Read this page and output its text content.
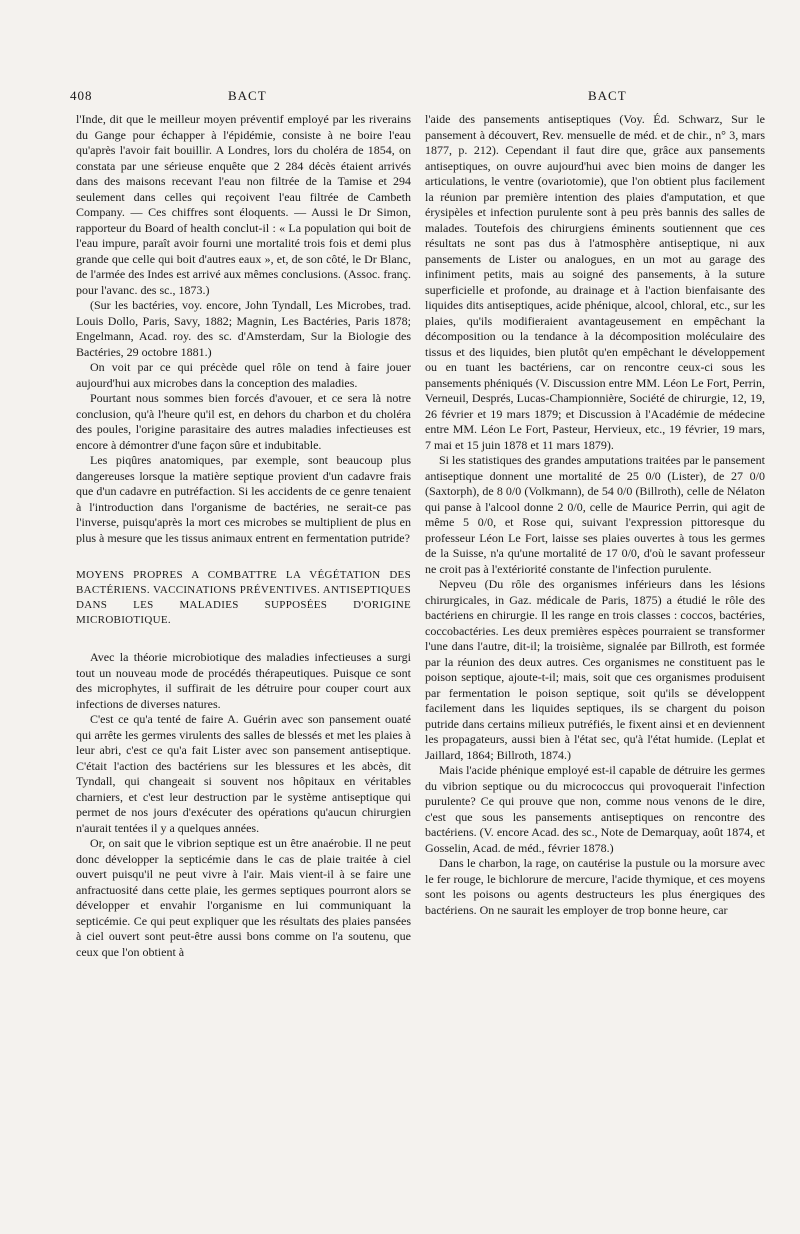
408	BACT	BACT

l'Inde, dit que le meilleur moyen préventif employé par les riverains du Gange pour échapper à l'épidémie, consiste à ne boire l'eau qu'après l'avoir fait bouillir. A Londres, lors du choléra de 1854, on constata par une sérieuse enquête que 2 284 décès étaient arrivés dans des maisons recevant l'eau non filtrée de la Tamise et 294 seulement dans celles qui reçoivent l'eau filtrée de Cambeth Company. — Ces chiffres sont éloquents. — Aussi le Dr Simon, rapporteur du Board of health conclut-il : « La population qui boit de l'eau impure, paraît avoir fourni une mortalité trois fois et demi plus grande que celle qui boit d'autres eaux », et, de son côté, le Dr Blanc, de l'armée des Indes est arrivé aux mêmes conclusions. (Assoc. franç. pour l'avanc. des sc., 1873.)

(Sur les bactéries, voy. encore, John Tyndall, Les Microbes, trad. Louis Dollo, Paris, Savy, 1882; Magnin, Les Bactéries, Paris 1878; Engelmann, Acad. roy. des sc. d'Amsterdam, Sur la Biologie des Bactéries, 29 octobre 1881.)

On voit par ce qui précède quel rôle on tend à faire jouer aujourd'hui aux microbes dans la conception des maladies.

Pourtant nous sommes bien forcés d'avouer, et ce sera là notre conclusion, qu'à l'heure qu'il est, en dehors du charbon et du choléra des poules, l'origine parasitaire des autres maladies infectieuses est encore à démontrer d'une façon sûre et indubitable.

Les piqûres anatomiques, par exemple, sont beaucoup plus dangereuses lorsque la matière septique provient d'un cadavre frais que d'un cadavre en putréfaction. Si les accidents de ce genre tenaient à l'introduction dans l'organisme de bactéries, ne serait-ce pas l'inverse, puisqu'après la mort ces microbes se multiplient de plus en plus à mesure que les tissus animaux entrent en fermentation putride?

MOYENS PROPRES A COMBATTRE LA VÉGÉTATION DES BACTÉRIENS. VACCINATIONS PRÉVENTIVES. ANTISEPTIQUES DANS LES MALADIES SUPPOSÉES D'ORIGINE MICROBIOTIQUE.

Avec la théorie microbiotique des maladies infectieuses a surgi tout un nouveau mode de procédés thérapeutiques. Puisque ce sont des microphytes, il suffirait de les détruire pour couper court aux infections de diverses natures.

C'est ce qu'a tenté de faire A. Guérin avec son pansement ouaté qui arrête les germes virulents des salles de blessés et met les plaies à leur abri, c'est ce qu'a fait Lister avec son pansement antiseptique. C'était l'action des bactériens sur les blessures et les abcès, dit Tyndall, qui changeait si souvent nos hôpitaux en véritables charniers, et c'est leur destruction par le système antiseptique qui permet de nos jours d'exécuter des opérations qu'aucun chirurgien n'aurait tentées il y a quelques années.

Or, on sait que le vibrion septique est un être anaérobie. Il ne peut donc développer la septicémie dans le cas de plaie traitée à ciel ouvert puisqu'il ne peut vivre à l'air. Mais vient-il à se faire une anfractuosité dans cette plaie, les germes septiques pourront alors se développer et envahir l'organisme en lui communiquant la septicémie. Ce qui peut expliquer que les résultats des plaies pansées à ciel ouvert sont peut-être aussi bons comme on l'a soutenu, que ceux que l'on obtient à

l'aide des pansements antiseptiques (Voy. Éd. Schwarz, Sur le pansement à découvert, Rev. mensuelle de méd. et de chir., n° 3, mars 1877, p. 212). Cependant il faut dire que, grâce aux pansements antiseptiques, on ouvre aujourd'hui avec bien moins de danger les articulations, le ventre (ovariotomie), que l'on obtient plus facilement la réunion par première intention des plaies d'amputation, et que érysipèles et infection purulente sont à peu près bannis des salles de malades. Toutefois des chirurgiens éminents soutiennent que ces résultats ne sont pas dus à l'atmosphère antiseptique, ni aux pansements de Lister ou analogues, en un mot au garage des infiniment petits, mais au soigné des pansements, à la suture superficielle et profonde, au drainage et à l'action bienfaisante des liquides dits antiseptiques, acide phénique, alcool, chloral, etc., sur les plaies, qu'ils modifieraient avantageusement en empêchant la décomposition ou la tendance à la décomposition moléculaire des tissus et des liquides, bien plutôt qu'en empêchant le développement ou en tuant les bactériens, car on rencontre ceux-ci sous les pansements phéniqués (V. Discussion entre MM. Léon Le Fort, Perrin, Verneuil, Després, Lucas-Championnière, Société de chirurgie, 12, 19, 26 février et 19 mars 1879; et Discussion à l'Académie de médecine entre MM. Léon Le Fort, Pasteur, Hervieux, etc., 19 février, 19 mars, 7 mai et 15 juin 1878 et 11 mars 1879).

Si les statistiques des grandes amputations traitées par le pansement antiseptique donnent une mortalité de 25 0/0 (Lister), de 27 0/0 (Saxtorph), de 8 0/0 (Volkmann), de 54 0/0 (Billroth), celle de Nélaton qui panse à l'alcool donne 2 0/0, celle de Maurice Perrin, qui agit de même 5 0/0, et Rose qui, suivant l'expression pittoresque du professeur Léon Le Fort, laisse ses plaies ouvertes à tous les germes de la Suisse, n'a qu'une mortalité de 17 0/0, d'où le savant professeur ne croit pas à l'extériorité constante de l'infection purulente.

Nepveu (Du rôle des organismes inférieurs dans les lésions chirurgicales, in Gaz. médicale de Paris, 1875) a étudié le rôle des bactériens en chirurgie. Il les range en trois classes : coccos, bactéries, coccobactéries. Les deux premières espèces pourraient se transformer l'une dans l'autre, dit-il; la troisième, signalée par Billroth, est formée par la réunion des deux autres. Ces organismes ne constituent pas le poison septique, ajoute-t-il; mais, soit que ces organismes produisent par fermentation le poison septique, soit qu'ils se développent facilement dans les liquides septiques, ils se chargent du poison putride dans certains milieux putréfiés, le fixent ainsi et en deviennent les propagateurs, aussi bien à l'état sec, qu'à l'état humide. (Leplat et Jaillard, 1864; Billroth, 1874.)

Mais l'acide phénique employé est-il capable de détruire les germes du vibrion septique ou du micrococcus qui provoquerait l'infection purulente? Ce qui prouve que non, comme nous venons de le dire, c'est que sous les pansements antiseptiques on rencontre des bactériens. (V. encore Acad. des sc., Note de Demarquay, août 1874, et Gosselin, Acad. de méd., février 1878.)

Dans le charbon, la rage, on cautérise la pustule ou la morsure avec le fer rouge, le bichlorure de mercure, l'acide thymique, et ces moyens sont les poisons ou agents destructeurs les plus énergiques des bactériens. On ne saurait les employer de trop bonne heure, car
